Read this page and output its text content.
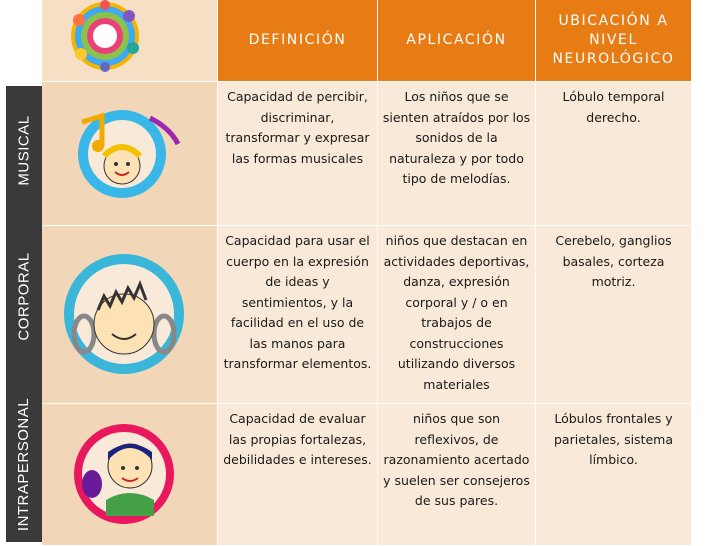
MUSICAL
CORPORAL
INTRAPERSONAL
DEFINICIÓN	APLICACIÓN
UBICACIÓN A NIVEL NEUROLÓGICO
Capacidad de percibir, discriminar, transformar y expresar las formas musicales
Los niños que se sienten atraídos por los sonidos de la naturaleza y por todo tipo de melodías.
Lóbulo temporal derecho.
Capacidad para usar el cuerpo en la expresión de ideas y sentimientos, y la facilidad en el uso de las manos para transformar elementos.
niños que destacan en actividades deportivas, danza, expresión corporal y / o en trabajos de construcciones utilizando diversos materiales
Cerebelo, ganglios basales, corteza motriz.
Capacidad de evaluar las propias fortalezas, debilidades e intereses.
niños que son reflexivos, de razonamiento acertado y suelen ser consejeros de sus pares.
Lóbulos frontales y parietales, sistema límbico.
